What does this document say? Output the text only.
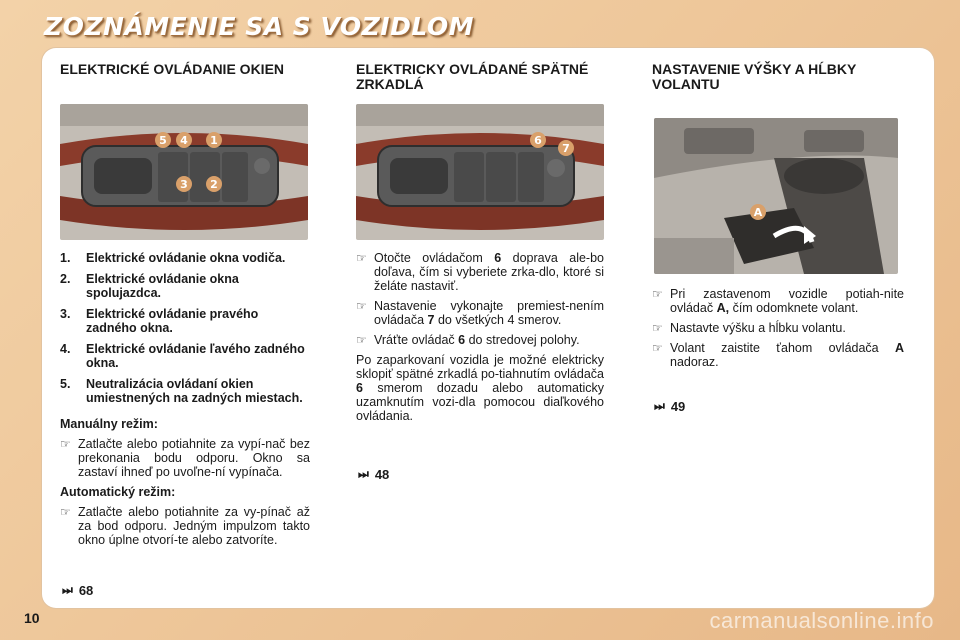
ZOZNÁMENIE SA S VOZIDLOM
ELEKTRICKÉ OVLÁDANIE OKIEN
5 4 1
3 2
1.	Elektrické ovládanie okna vodiča.
2.	Elektrické ovládanie okna spolujazdca.
3.	Elektrické ovládanie pravého zadného okna.
4.	Elektrické ovládanie ľavého zadného okna.
5.	Neutralizácia ovládaní okien umiestnených na zadných miestach.
Manuálny režim:
☞ Zatlačte alebo potiahnite za vypí-nač bez prekonania bodu odporu. Okno sa zastaví ihneď po uvoľne-ní vypínača.
Automatický režim:
☞ Zatlačte alebo potiahnite za vy-pínač až za bod odporu. Jedným impulzom takto okno úplne otvorí-te alebo zatvoríte.
⏭ 68
ELEKTRICKY OVLÁDANÉ SPÄTNÉ ZRKADLÁ
6
7
☞ Otočte ovládačom 6 doprava ale-bo doľava, čím si vyberiete zrka-dlo, ktoré si želáte nastaviť.
☞ Nastavenie vykonajte premiest-nením ovládača 7 do všetkých 4 smerov.
☞ Vráťte ovládač 6 do stredovej polohy.
Po zaparkovaní vozidla je možné elektricky sklopiť spätné zrkadlá po-tiahnutím ovládača 6 smerom dozadu alebo automaticky uzamknutím vozi-dla pomocou diaľkového ovládania.
⏭ 48
NASTAVENIE VÝŠKY A HĹBKY VOLANTU
A
☞ Pri zastavenom vozidle potiah-nite ovládač A, čím odomknete volant.
☞ Nastavte výšku a hĺbku volantu.
☞ Volant zaistite ťahom ovládača A nadoraz.
⏭ 49
10	carmanualsonline.info
